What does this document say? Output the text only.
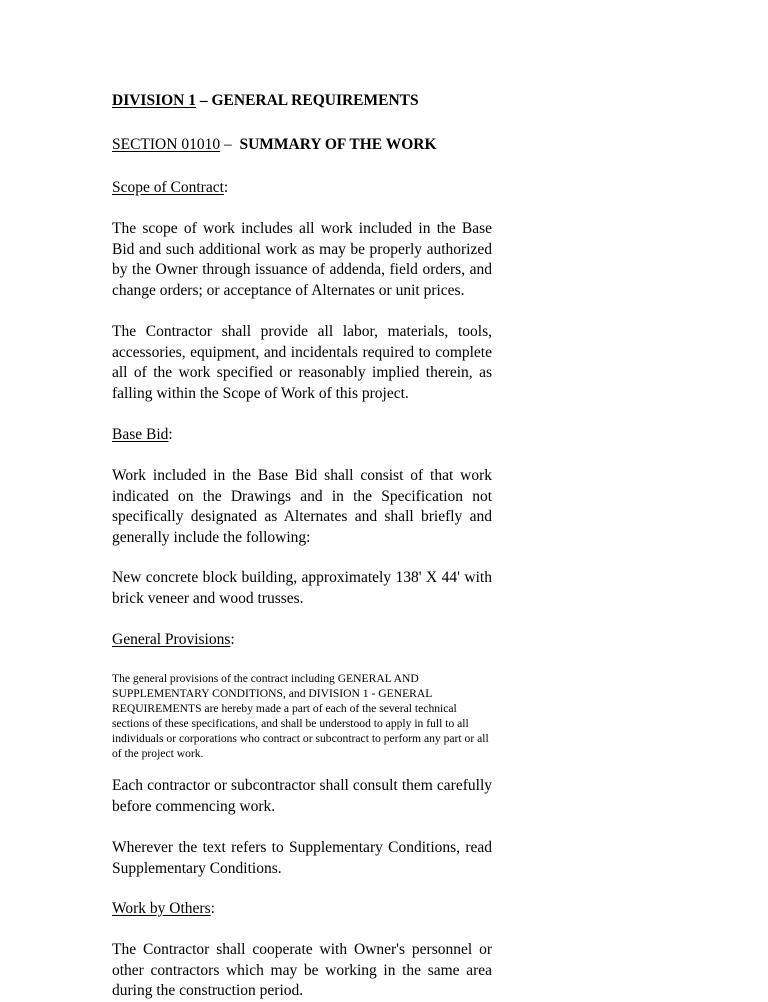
DIVISION 1 – GENERAL REQUIREMENTS
SECTION 01010 –  SUMMARY OF THE WORK
Scope of Contract:

The scope of work includes all work included in the Base Bid and such additional work as may be properly authorized by the Owner through issuance of addenda, field orders, and change orders; or acceptance of Alternates or unit prices.

The Contractor shall provide all labor, materials, tools, accessories, equipment, and incidentals required to complete all of the work specified or reasonably implied therein, as falling within the Scope of Work of this project.

Base Bid:

Work included in the Base Bid shall consist of that work indicated on the Drawings and in the Specification not specifically designated as Alternates and shall briefly and generally include the following:

New concrete block building, approximately 138' X 44' with brick veneer and wood trusses.

General Provisions:

The general provisions of the contract including GENERAL AND SUPPLEMENTARY CONDITIONS, and DIVISION 1 - GENERAL REQUIREMENTS are hereby made a part of each of the several technical sections of these specifications, and shall be understood to apply in full to all individuals or corporations who contract or subcontract to perform any part or all of the project work.

Each contractor or subcontractor shall consult them carefully before commencing work.

Wherever the text refers to Supplementary Conditions, read Supplementary Conditions.

Work by Others:

The Contractor shall cooperate with Owner's personnel or other contractors which may be working in the same area during the construction period.
